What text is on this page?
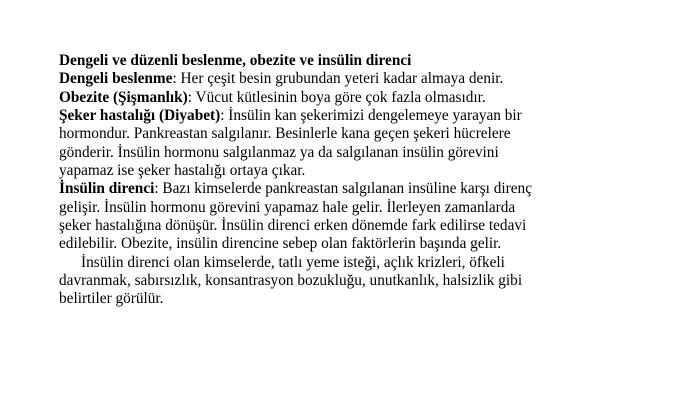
Dengeli ve düzenli beslenme, obezite ve insülin direnci
Dengeli beslenme: Her çeşit besin grubundan yeteri kadar almaya denir.
Obezite (Şişmanlık): Vücut kütlesinin boya göre çok fazla olmasıdır.
Şeker hastalığı (Diyabet): İnsülin kan şekerimizi dengelemeye yarayan bir
hormondur. Pankreastan salgılanır. Besinlerle kana geçen şekeri hücrelere
gönderir. İnsülin hormonu salgılanmaz ya da salgılanan insülin görevini
yapamaz ise şeker hastalığı ortaya çıkar.
İnsülin direnci: Bazı kimselerde pankreastan salgılanan insüline karşı direnç
gelişir. İnsülin hormonu görevini yapamaz hale gelir. İlerleyen zamanlarda
şeker hastalığına dönüşür. İnsülin direnci erken dönemde fark edilirse tedavi
edilebilir. Obezite, insülin direncine sebep olan faktörlerin başında gelir.
İnsülin direnci olan kimselerde, tatlı yeme isteği, açlık krizleri, öfkeli
davranmak, sabırsızlık, konsantrasyon bozukluğu, unutkanlık, halsizlik gibi
belirtiler görülür.
